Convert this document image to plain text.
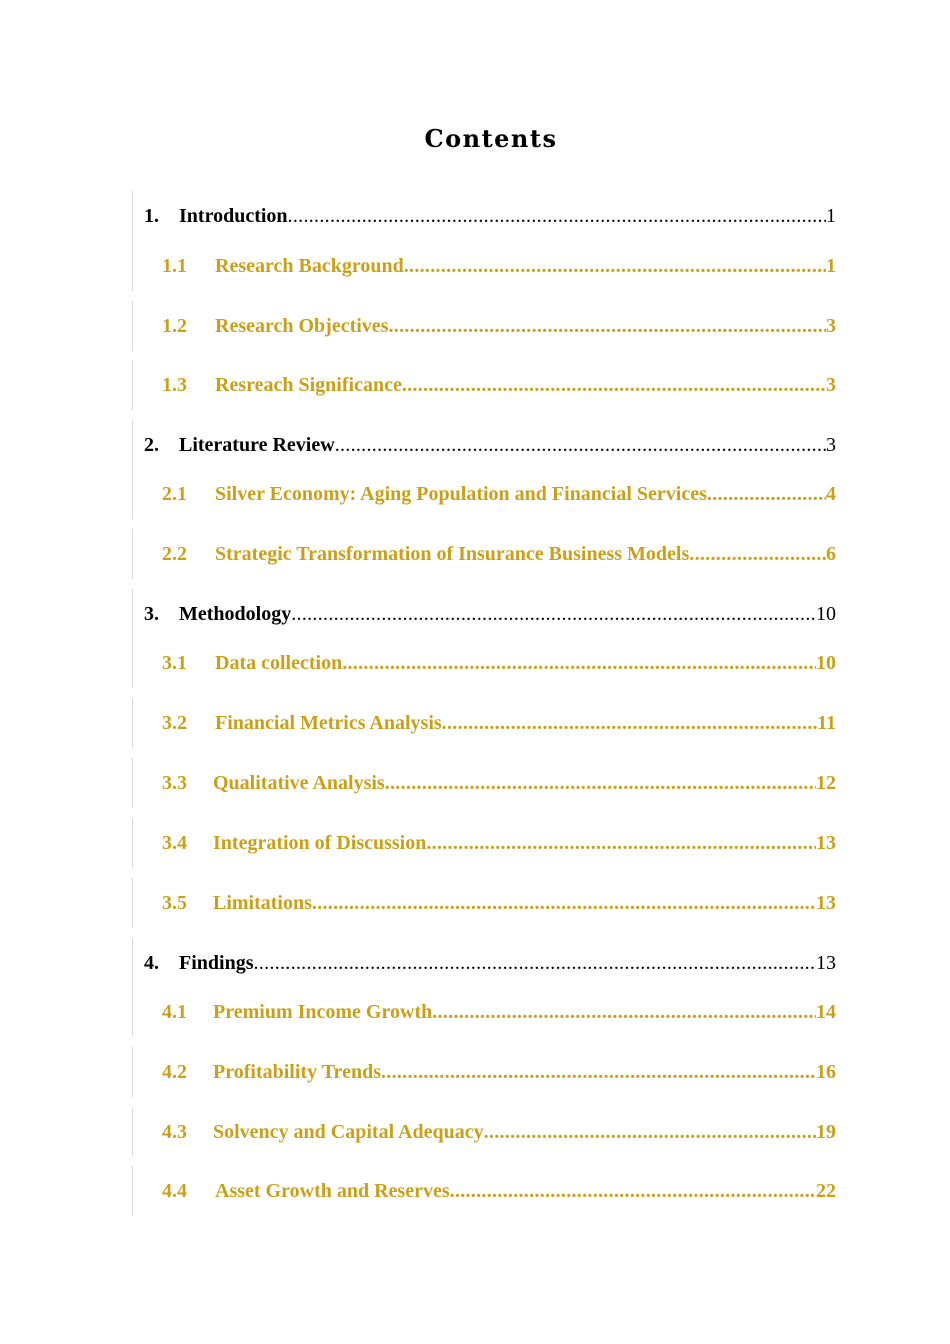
Contents
1.	Introduction .....	1
1.1	Research Background .....	1
1.2	Research Objectives .....	3
1.3	Resreach Significance .....	3
2.	Literature Review .....	3
2.1	Silver Economy: Aging Population and Financial Services .....	4
2.2	Strategic Transformation of Insurance Business Models .....	6
3.	Methodology .....	10
3.1	Data collection .....	10
3.2	Financial Metrics Analysis .....	11
3.3	Qualitative Analysis .....	12
3.4	Integration of Discussion .....	13
3.5	Limitations .....	13
4.	Findings .....	13
4.1	Premium Income Growth .....	14
4.2	Profitability Trends .....	16
4.3	Solvency and Capital Adequacy .....	19
4.4	Asset Growth and Reserves .....	22
